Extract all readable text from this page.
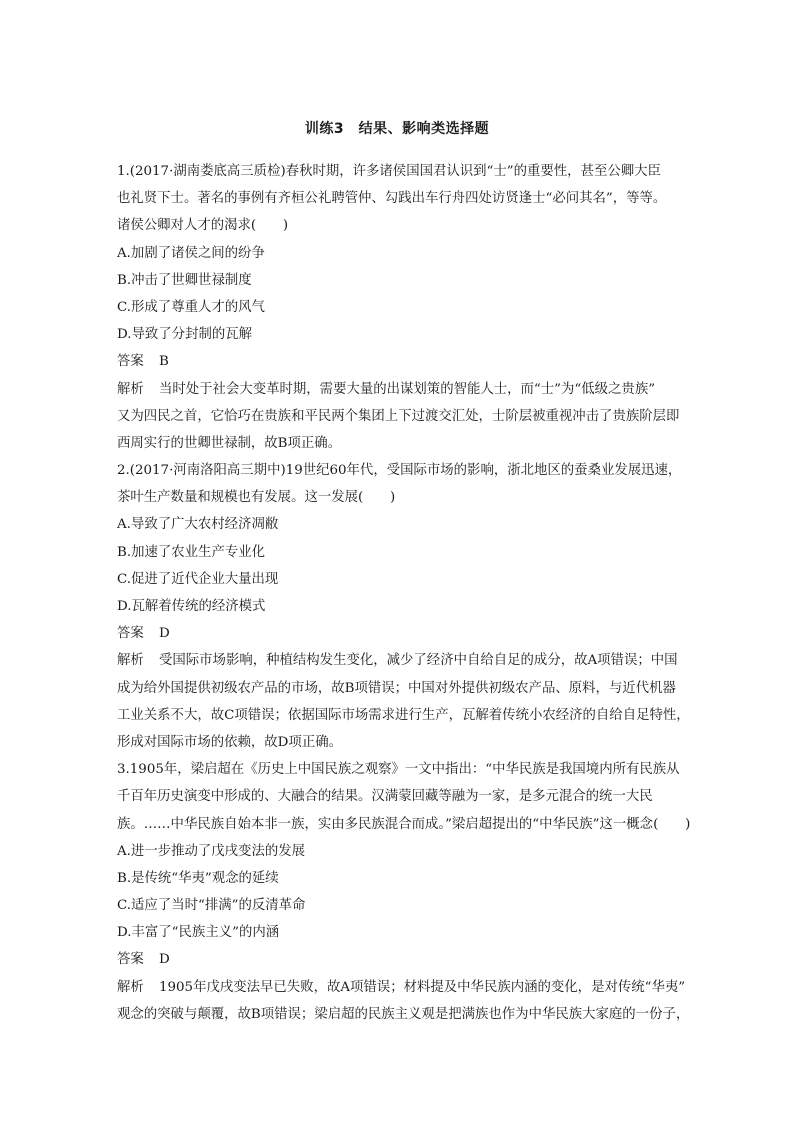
训练3　结果、影响类选择题
1.(2017·湖南娄底高三质检)春秋时期，许多诸侯国国君认识到“士”的重要性，甚至公卿大臣
也礼贤下士。著名的事例有齐桓公礼聘管仲、勾践出车行舟四处访贤逢士“必问其名”，等等。
诸侯公卿对人才的渴求(　　)
A.加剧了诸侯之间的纷争
B.冲击了世卿世禄制度
C.形成了尊重人才的风气
D.导致了分封制的瓦解
答案 B
解析 当时处于社会大变革时期，需要大量的出谋划策的智能人士，而“士”为“低级之贵族”
又为四民之首，它恰巧在贵族和平民两个集团上下过渡交汇处，士阶层被重视冲击了贵族阶层即
西周实行的世卿世禄制，故B项正确。
2.(2017·河南洛阳高三期中)19世纪60年代，受国际市场的影响，浙北地区的蚕桑业发展迅速，
茶叶生产数量和规模也有发展。这一发展(　　)
A.导致了广大农村经济凋敝
B.加速了农业生产专业化
C.促进了近代企业大量出现
D.瓦解着传统的经济模式
答案 D
解析 受国际市场影响，种植结构发生变化，减少了经济中自给自足的成分，故A项错误；中国
成为给外国提供初级农产品的市场，故B项错误；中国对外提供初级农产品、原料，与近代机器
工业关系不大，故C项错误；依据国际市场需求进行生产，瓦解着传统小农经济的自给自足特性，
形成对国际市场的依赖，故D项正确。
3.1905年，梁启超在《历史上中国民族之观察》一文中指出：“中华民族是我国境内所有民族从
千百年历史演变中形成的、大融合的结果。汉满蒙回藏等融为一家，是多元混合的统一大民
族。……中华民族自始本非一族，实由多民族混合而成。”梁启超提出的“中华民族”这一概念(　　)
A.进一步推动了戊戌变法的发展
B.是传统“华夷”观念的延续
C.适应了当时“排满”的反清革命
D.丰富了“民族主义”的内涵
答案 D
解析 1905年戊戌变法早已失败，故A项错误；材料提及中华民族内涵的变化，是对传统“华夷”
观念的突破与颠覆，故B项错误；梁启超的民族主义观是把满族也作为中华民族大家庭的一份子，
